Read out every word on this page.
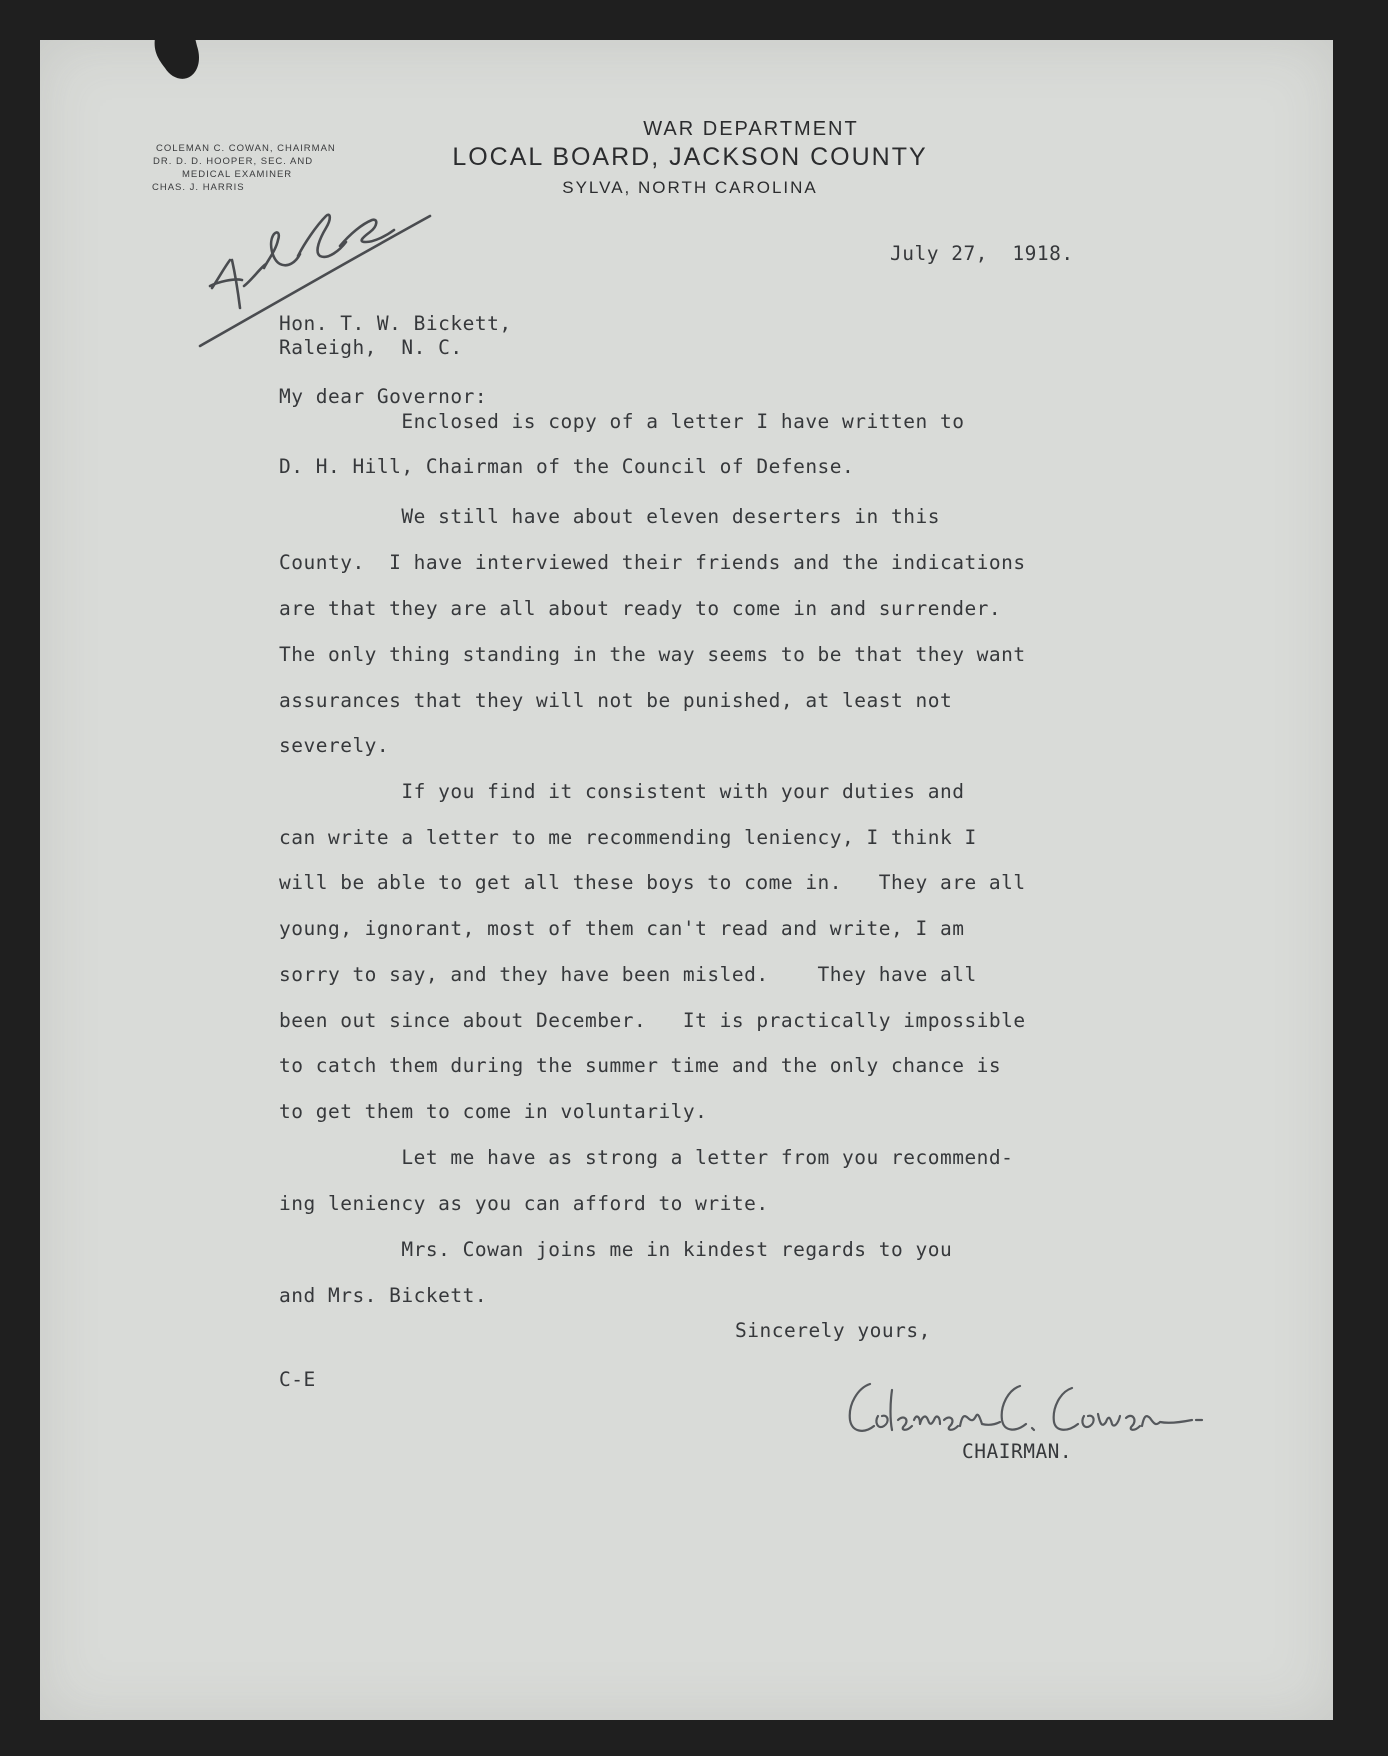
COLEMAN C. COWAN, CHAIRMAN
DR. D. D. HOOPER, SEC. AND
MEDICAL EXAMINER
CHAS. J. HARRIS
WAR DEPARTMENT
LOCAL BOARD, JACKSON COUNTY
SYLVA, NORTH CAROLINA
July 27,  1918.
Hon. T. W. Bickett,
Raleigh,  N. C.
My dear Governor:
Enclosed is copy of a letter I have written to
D. H. Hill, Chairman of the Council of Defense.
We still have about eleven deserters in this
County.  I have interviewed their friends and the indications
are that they are all about ready to come in and surrender.
The only thing standing in the way seems to be that they want
assurances that they will not be punished, at least not
severely.
If you find it consistent with your duties and
can write a letter to me recommending leniency, I think I
will be able to get all these boys to come in.   They are all
young, ignorant, most of them can't read and write, I am
sorry to say, and they have been misled.    They have all
been out since about December.   It is practically impossible
to catch them during the summer time and the only chance is
to get them to come in voluntarily.
Let me have as strong a letter from you recommend-
ing leniency as you can afford to write.
Mrs. Cowan joins me in kindest regards to you
and Mrs. Bickett.
Sincerely yours,
C-E
CHAIRMAN.
